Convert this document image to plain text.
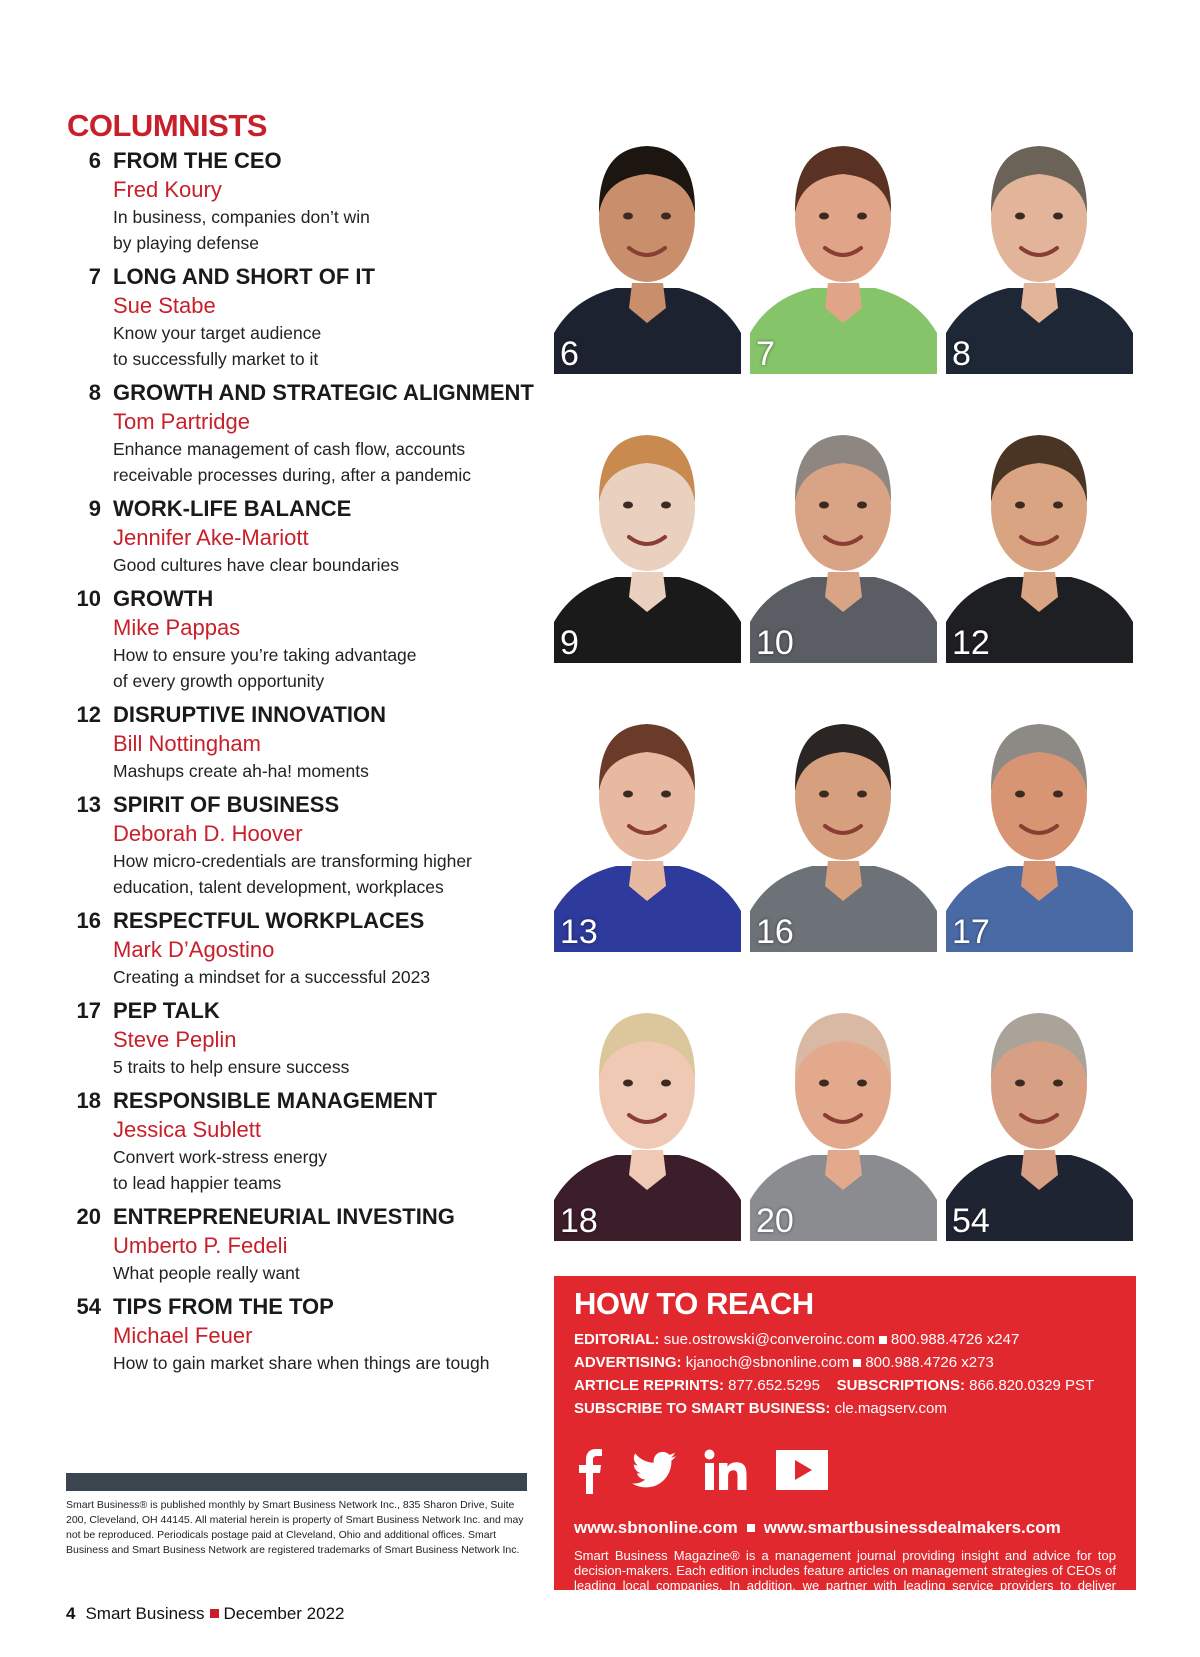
COLUMNISTS
6 FROM THE CEO
Fred Koury
In business, companies don’t win
by playing defense
7 LONG AND SHORT OF IT
Sue Stabe
Know your target audience
to successfully market to it
8 GROWTH AND STRATEGIC ALIGNMENT
Tom Partridge
Enhance management of cash flow, accounts
receivable processes during, after a pandemic
9 WORK-LIFE BALANCE
Jennifer Ake-Mariott
Good cultures have clear boundaries
10 GROWTH
Mike Pappas
How to ensure you’re taking advantage
of every growth opportunity
12 DISRUPTIVE INNOVATION
Bill Nottingham
Mashups create ah-ha! moments
13 SPIRIT OF BUSINESS
Deborah D. Hoover
How micro-credentials are transforming higher
education, talent development, workplaces
16 RESPECTFUL WORKPLACES
Mark D’Agostino
Creating a mindset for a successful 2023
17 PEP TALK
Steve Peplin
5 traits to help ensure success
18 RESPONSIBLE MANAGEMENT
Jessica Sublett
Convert work-stress energy
to lead happier teams
20 ENTREPRENEURIAL INVESTING
Umberto P. Fedeli
What people really want
54 TIPS FROM THE TOP
Michael Feuer
How to gain market share when things are tough
6	7	8
9	10	12
13	16	17
18	20	54
HOW TO REACH
EDITORIAL: sue.ostrowski@converoinc.com 800.988.4726 x247
ADVERTISING: kjanoch@sbnonline.com 800.988.4726 x273
ARTICLE REPRINTS: 877.652.5295 SUBSCRIPTIONS: 866.820.0329 PST
SUBSCRIBE TO SMART BUSINESS: cle.magserv.com
www.sbnonline.com www.smartbusinessdealmakers.com
Smart Business Magazine® is a management journal providing insight and advice for top decision-makers. Each edition includes feature articles on management strategies of CEOs of leading local companies. In addition, we partner with leading service providers to deliver expert advice to our senior management audience.
Smart Business® is published monthly by Smart Business Network Inc., 835 Sharon Drive, Suite 200, Cleveland, OH 44145. All material herein is property of Smart Business Network Inc. and may not be reproduced. Periodicals postage paid at Cleveland, Ohio and additional offices. Smart Business and Smart Business Network are registered trademarks of Smart Business Network Inc.
4 Smart Business December 2022
